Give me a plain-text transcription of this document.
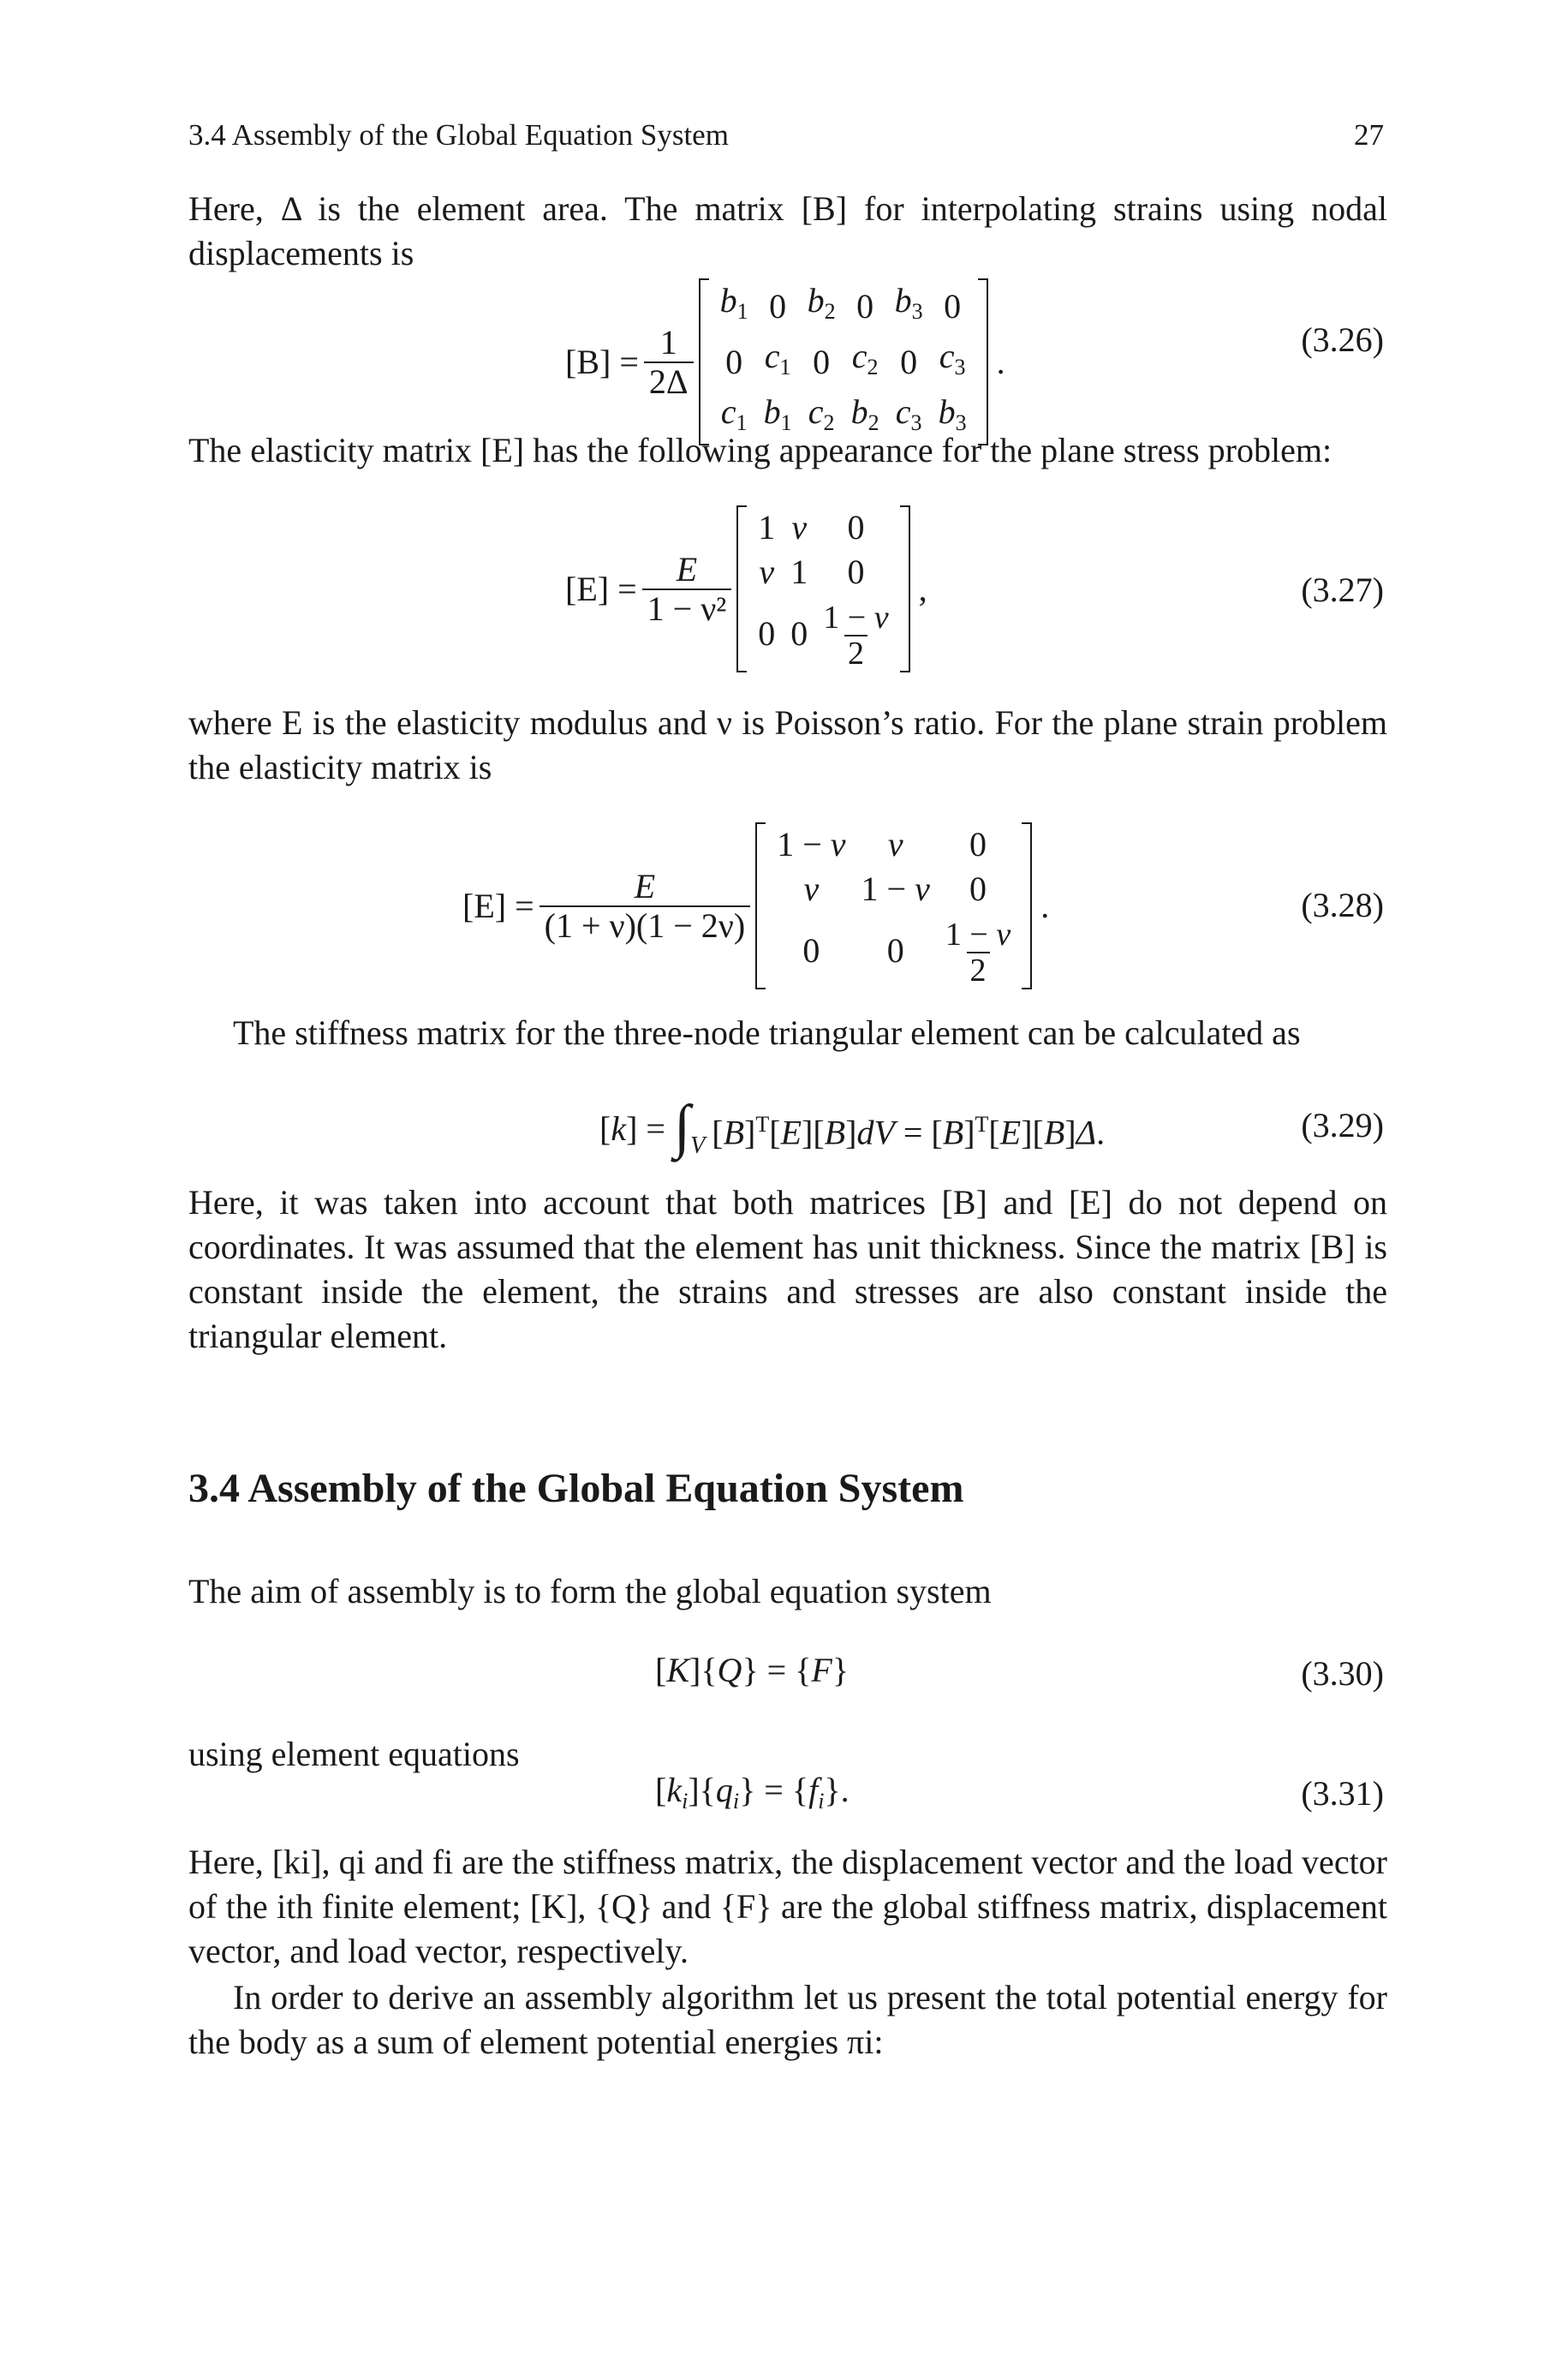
3.4 Assembly of the Global Equation System	27
Here, Δ is the element area. The matrix [B] for interpolating strains using nodal displacements is
$[B] = \frac{1}{2\Delta}$
$b_1$	0	$b_2$	0	$b_3$	0
0	$c_1$	0	$c_2$	0	$c_3$
$c_1$	$b_1$	$c_2$	$b_2$	$c_3$	$b_3$
.
(3.26)
The elasticity matrix [E] has the following appearance for the plane stress problem:
$[E] = \frac{E}{\text{1 − ν²}}$
1	ν	0
ν	1	0
0	0	$\frac{1 - \nu}{2}$
,	(3.27)
where E is the elasticity modulus and ν is Poisson’s ratio. For the plane strain problem the elasticity matrix is
$[E] = \frac{E}{(1 + \nu)(1 - 2\nu)}$
1 − ν	ν	0
ν	1 − ν	0
0	0	$\frac{1 - \nu}{2}$
.	(3.28)
The stiffness matrix for the three-node triangular element can be calculated as
[k] = ∫ V $[B]^T[E][B]dV = [B]^T[E][B]\Delta$.	(3.29)
Here, it was taken into account that both matrices [B] and [E] do not depend on coordinates. It was assumed that the element has unit thickness. Since the matrix [B] is constant inside the element, the strains and stresses are also constant inside the triangular element.
3.4 Assembly of the Global Equation System
The aim of assembly is to form the global equation system
[K]{Q} = {F}	(3.30)
using element equations
$[k_i]\{q_i\} = \{f_i\}$.	(3.31)
Here, [ki], qi and fi are the stiffness matrix, the displacement vector and the load vector of the ith finite element; [K], {Q} and {F} are the global stiffness matrix, displacement vector, and load vector, respectively.
In order to derive an assembly algorithm let us present the total potential energy for the body as a sum of element potential energies πi:
